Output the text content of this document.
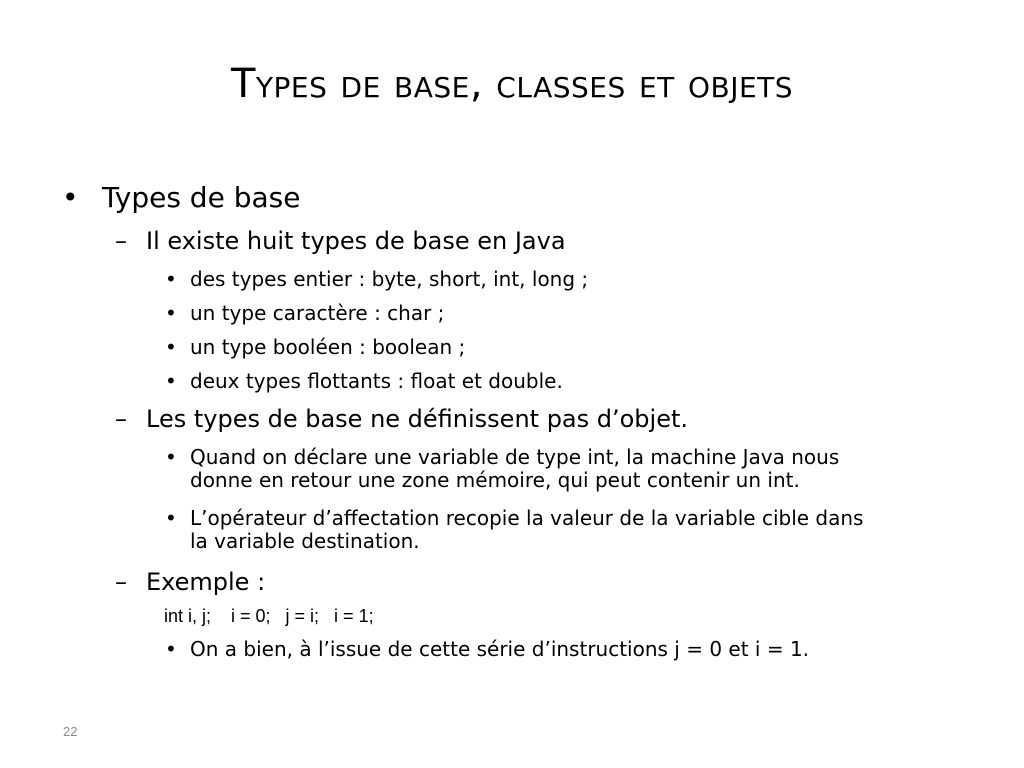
Types de base, classes et objets
• Types de base
– Il existe huit types de base en Java
• des types entier : byte, short, int, long ;
• un type caractère : char ;
• un type booléen : boolean ;
• deux types flottants : float et double.
– Les types de base ne définissent pas d’objet.
• Quand on déclare une variable de type int, la machine Java nous
donne en retour une zone mémoire, qui peut contenir un int.
• L’opérateur d’affectation recopie la valeur de la variable cible dans
la variable destination.
– Exemple :
int i, j;    i = 0;   j = i;   i = 1;
• On a bien, à l’issue de cette série d’instructions j = 0 et i = 1.
22
